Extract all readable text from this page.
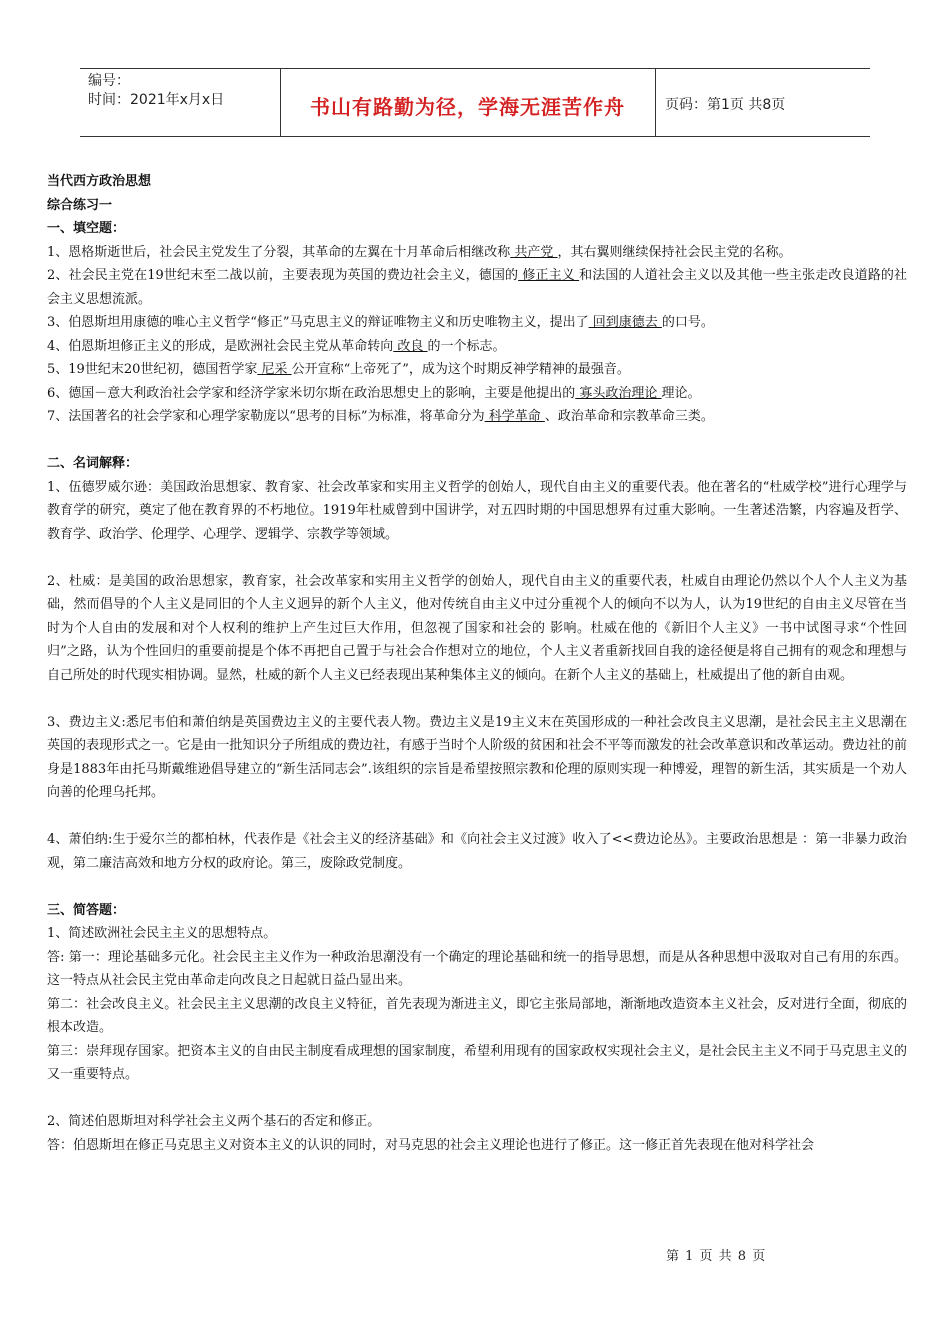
编号：
时间：2021年x月x日	书山有路勤为径，学海无涯苦作舟	页码：第1页 共8页

当代西方政治思想

综合练习一

一、填空题：

1、恩格斯逝世后，社会民主党发生了分裂，其革命的左翼在十月革命后相继改称 共产党 ，其右翼则继续保持社会民主党的名称。

2、社会民主党在19世纪末至二战以前，主要表现为英国的费边社会主义，德国的 修正主义 和法国的人道社会主义以及其他一些主张走改良道路的社会主义思想流派。

3、伯恩斯坦用康德的唯心主义哲学“修正”马克思主义的辩证唯物主义和历史唯物主义，提出了 回到康德去 的口号。

4、伯恩斯坦修正主义的形成，是欧洲社会民主党从革命转向 改良 的一个标志。

5、19世纪末20世纪初，德国哲学家 尼采 公开宣称“上帝死了”，成为这个时期反神学精神的最强音。

6、德国－意大利政治社会学家和经济学家米切尔斯在政治思想史上的影响，主要是他提出的 寡头政治理论 理论。

7、法国著名的社会学家和心理学家勒庞以“思考的目标”为标准，将革命分为 科学革命 、政治革命和宗教革命三类。

二、名词解释：

1、伍德罗威尔逊：美国政治思想家、教育家、社会改革家和实用主义哲学的创始人，现代自由主义的重要代表。他在著名的“杜威学校”进行心理学与教育学的研究，奠定了他在教育界的不朽地位。1919年杜威曾到中国讲学，对五四时期的中国思想界有过重大影响。一生著述浩繁，内容遍及哲学、教育学、政治学、伦理学、心理学、逻辑学、宗教学等领域。

2、杜威：是美国的政治思想家，教育家，社会改革家和实用主义哲学的创始人，现代自由主义的重要代表，杜威自由理论仍然以个人个人主义为基础，然而倡导的个人主义是同旧的个人主义迥异的新个人主义，他对传统自由主义中过分重视个人的倾向不以为人，认为19世纪的自由主义尽管在当时为个人自由的发展和对个人权利的维护上产生过巨大作用，但忽视了国家和社会的 影响。杜威在他的《新旧个人主义》一书中试图寻求“个性回归”之路，认为个性回归的重要前提是个体不再把自己置于与社会合作想对立的地位，个人主义者重新找回自我的途径便是将自己拥有的观念和理想与自己所处的时代现实相协调。显然，杜威的新个人主义已经表现出某种集体主义的倾向。在新个人主义的基础上，杜威提出了他的新自由观。

3、费边主义:悉尼韦伯和萧伯纳是英国费边主义的主要代表人物。费边主义是19主义末在英国形成的一种社会改良主义思潮，是社会民主主义思潮在英国的表现形式之一。它是由一批知识分子所组成的费边社，有感于当时个人阶级的贫困和社会不平等而激发的社会改革意识和改革运动。费边社的前身是1883年由托马斯戴维逊倡导建立的“新生活同志会”.该组织的宗旨是希望按照宗教和伦理的原则实现一种博爱，理智的新生活，其实质是一个劝人向善的伦理乌托邦。

4、萧伯纳:生于爱尔兰的都柏林，代表作是《社会主义的经济基础》和《向社会主义过渡》收入了<<费边论丛》。主要政治思想是 ：第一非暴力政治观，第二廉洁高效和地方分权的政府论。第三，废除政党制度。

三、简答题：

1、简述欧洲社会民主主义的思想特点。

答: 第一：理论基础多元化。社会民主主义作为一种政治思潮没有一个确定的理论基础和统一的指导思想，而是从各种思想中汲取对自己有用的东西。这一特点从社会民主党由革命走向改良之日起就日益凸显出来。

第二：社会改良主义。社会民主主义思潮的改良主义特征，首先表现为渐进主义，即它主张局部地，渐渐地改造资本主义社会，反对进行全面，彻底的根本改造。

第三：崇拜现存国家。把资本主义的自由民主制度看成理想的国家制度，希望利用现有的国家政权实现社会主义，是社会民主主义不同于马克思主义的又一重要特点。

2、简述伯恩斯坦对科学社会主义两个基石的否定和修正。

答：伯恩斯坦在修正马克思主义对资本主义的认识的同时，对马克思的社会主义理论也进行了修正。这一修正首先表现在他对科学社会

第 1 页 共 8 页
